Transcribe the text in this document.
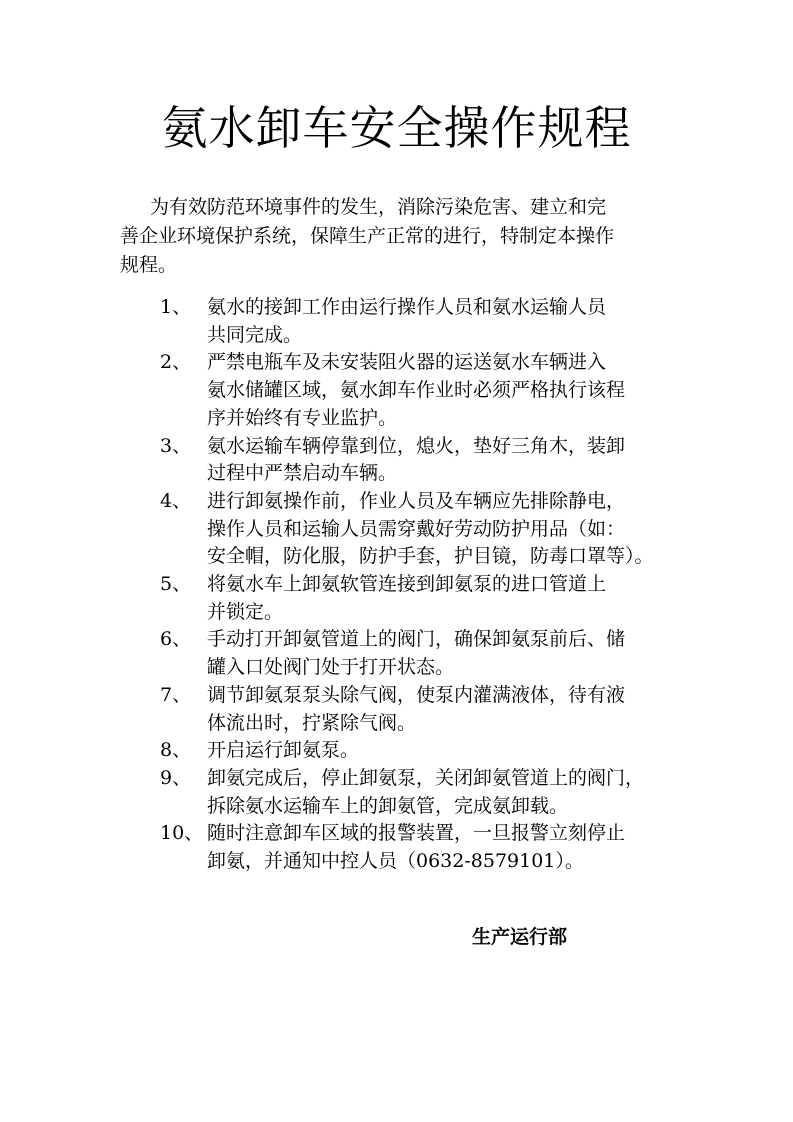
氨水卸车安全操作规程
为有效防范环境事件的发生，消除污染危害、建立和完
善企业环境保护系统，保障生产正常的进行，特制定本操作
规程。
1、 氨水的接卸工作由运行操作人员和氨水运输人员
共同完成。
2、 严禁电瓶车及未安装阻火器的运送氨水车辆进入
氨水储罐区域，氨水卸车作业时必须严格执行该程
序并始终有专业监护。
3、 氨水运输车辆停靠到位，熄火，垫好三角木，装卸
过程中严禁启动车辆。
4、 进行卸氨操作前，作业人员及车辆应先排除静电，
操作人员和运输人员需穿戴好劳动防护用品（如：
安全帽，防化服，防护手套，护目镜，防毒口罩等）。
5、 将氨水车上卸氨软管连接到卸氨泵的进口管道上
并锁定。
6、 手动打开卸氨管道上的阀门，确保卸氨泵前后、储
罐入口处阀门处于打开状态。
7、 调节卸氨泵泵头除气阀，使泵内灌满液体，待有液
体流出时，拧紧除气阀。
8、 开启运行卸氨泵。
9、 卸氨完成后，停止卸氨泵，关闭卸氨管道上的阀门，
拆除氨水运输车上的卸氨管，完成氨卸载。
10、 随时注意卸车区域的报警装置，一旦报警立刻停止
卸氨，并通知中控人员（0632-8579101）。
生产运行部
